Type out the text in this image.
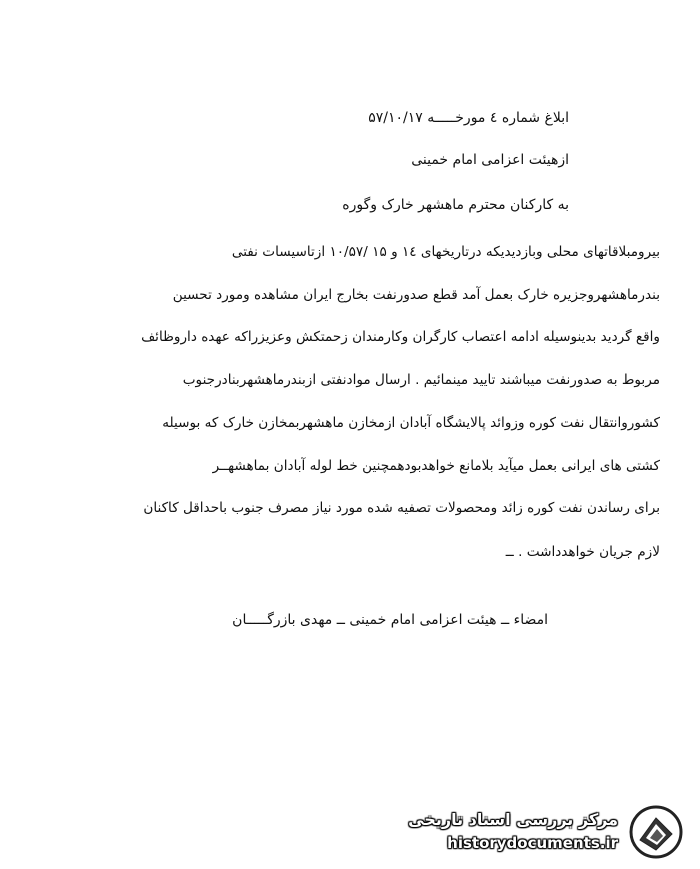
ابلاغ شماره ٤ مورخـــــه ۵٧/١٠/١٧
ازهیئت اعزامی امام خمینی
به کارکنان محترم ماهشهر خارک وگوره
بیرومبلاقاتهای محلی وبازدیدیکه درتاریخهای ١٤ و ١۵ /١٠/۵٧ ازتاسیسات نفتی
بندرماهشهروجزیره خارک بعمل آمد قطع صدورنفت بخارج ایران مشاهده ومورد تحسین
واقع گردید بدینوسیله ادامه اعتصاب کارگران وکارمندان زحمتکش وعزیزراکه عهده داروظائف
مربوط به صدورنفت میباشند تایید مینمائیم . ارسال موادنفتی ازبندرماهشهربنادرجنوب
کشوروانتقال نفت کوره وزوائد پالایشگاه آبادان ازمخازن ماهشهربمخازن خارک که بوسیله
کشتی های ایرانی بعمل میآید بلامانع خواهدبودهمچنین خط لوله آبادان بماهشهــر
برای رساندن نفت کوره زائد ومحصولات تصفیه شده مورد نیاز مصرف جنوب باحداقل کاکنان
لازم جریان خواهدداشت . ــ
امضاء ــ هیئت اعزامی امام خمینی ــ مهدی بازرگـــــان
مرکز بررسی اسناد تاریخی
historydocuments.ir
